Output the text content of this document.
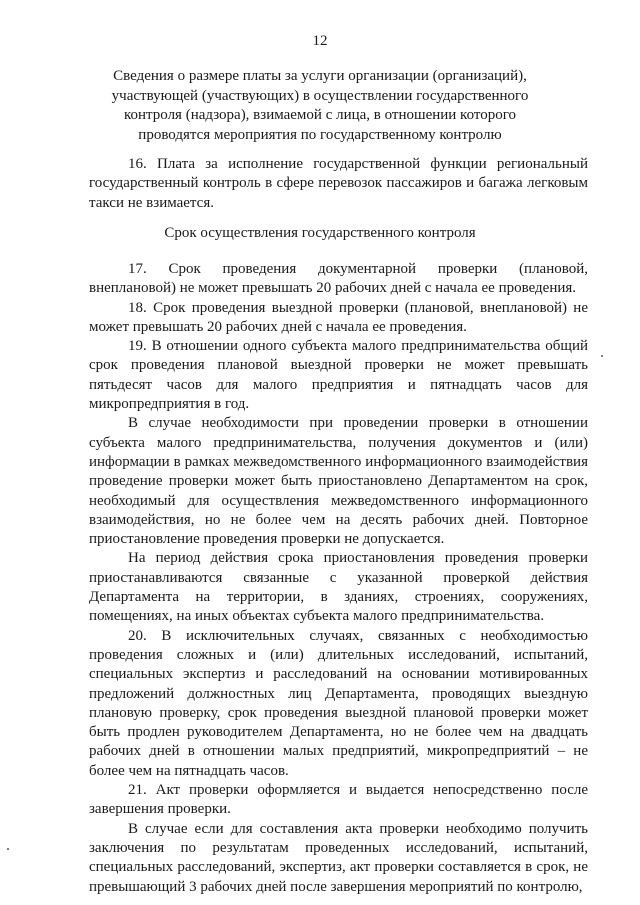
12
Сведения о размере платы за услуги организации (организаций), участвующей (участвующих) в осуществлении государственного контроля (надзора), взимаемой с лица, в отношении которого проводятся мероприятия по государственному контролю

16. Плата за исполнение государственной функции региональный государственный контроль в сфере перевозок пассажиров и багажа легковым такси не взимается.

Срок осуществления государственного контроля

17. Срок проведения документарной проверки (плановой, внеплановой) не может превышать 20 рабочих дней с начала ее проведения.

18. Срок проведения выездной проверки (плановой, внеплановой) не может превышать 20 рабочих дней с начала ее проведения.

19. В отношении одного субъекта малого предпринимательства общий срок проведения плановой выездной проверки не может превышать пятьдесят часов для малого предприятия и пятнадцать часов для микропредприятия в год.

В случае необходимости при проведении проверки в отношении субъекта малого предпринимательства, получения документов и (или) информации в рамках межведомственного информационного взаимодействия проведение проверки может быть приостановлено Департаментом на срок, необходимый для осуществления межведомственного информационного взаимодействия, но не более чем на десять рабочих дней. Повторное приостановление проведения проверки не допускается.

На период действия срока приостановления проведения проверки приостанавливаются связанные с указанной проверкой действия Департамента на территории, в зданиях, строениях, сооружениях, помещениях, на иных объектах субъекта малого предпринимательства.

20. В исключительных случаях, связанных с необходимостью проведения сложных и (или) длительных исследований, испытаний, специальных экспертиз и расследований на основании мотивированных предложений должностных лиц Департамента, проводящих выездную плановую проверку, срок проведения выездной плановой проверки может быть продлен руководителем Департамента, но не более чем на двадцать рабочих дней в отношении малых предприятий, микропредприятий – не более чем на пятнадцать часов.

21. Акт проверки оформляется и выдается непосредственно после завершения проверки.

В случае если для составления акта проверки необходимо получить заключения по результатам проведенных исследований, испытаний, специальных расследований, экспертиз, акт проверки составляется в срок, не превышающий 3 рабочих дней после завершения мероприятий по контролю,
